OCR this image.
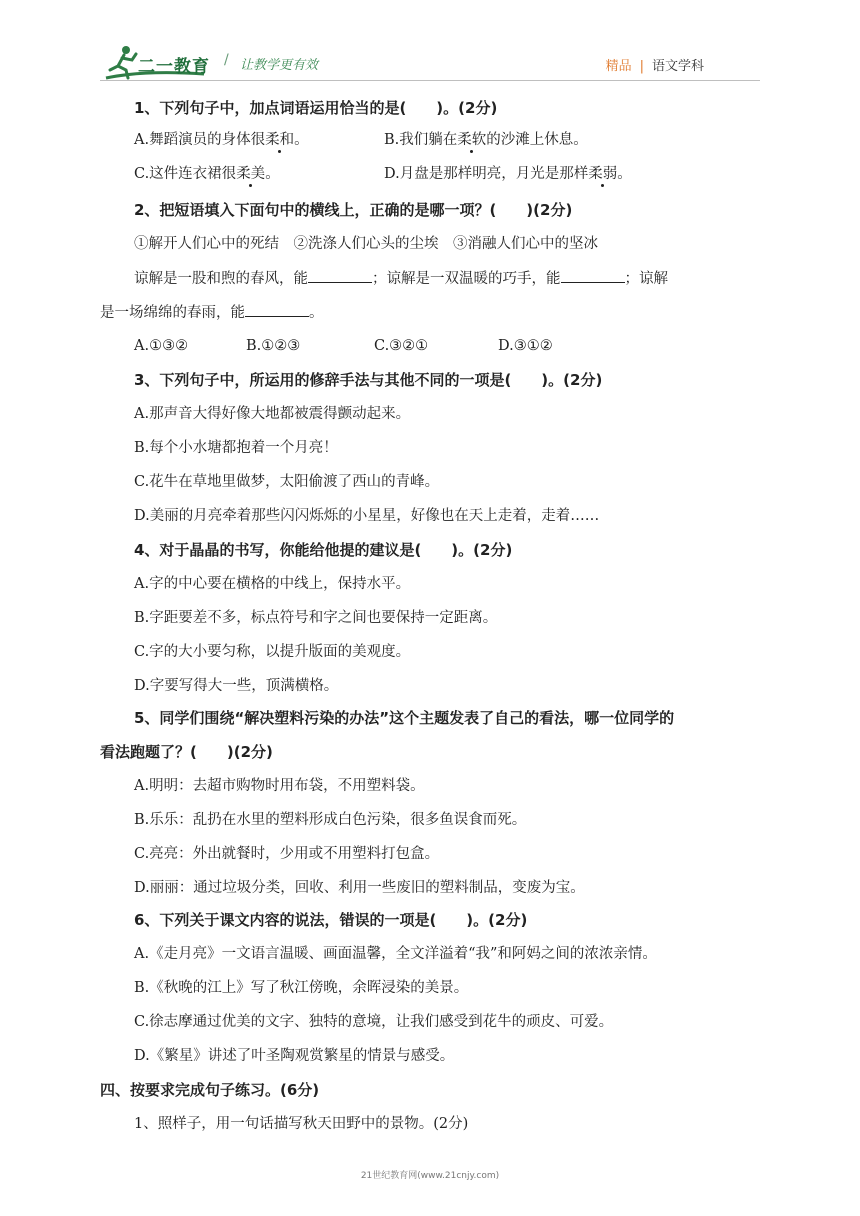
二一教育 / 让教学更有效	精品 | 语文学科
1、下列句子中，加点词语运用恰当的是(　　)。(2分)
A.舞蹈演员的身体很柔和。	B.我们躺在柔软的沙滩上休息。
C.这件连衣裙很柔美。	D.月盘是那样明亮，月光是那样柔弱。
2、把短语填入下面句中的横线上，正确的是哪一项？(　　)(2分)
①解开人们心中的死结　②洗涤人们心头的尘埃　③消融人们心中的坚冰
谅解是一股和煦的春风，能	；谅解是一双温暖的巧手，能	；谅解
是一场绵绵的春雨，能	。
A.①③②	B.①②③	C.③②①	D.③①②
3、下列句子中，所运用的修辞手法与其他不同的一项是(　　)。(2分)
A.那声音大得好像大地都被震得颤动起来。
B.每个小水塘都抱着一个月亮！
C.花牛在草地里做梦，太阳偷渡了西山的青峰。
D.美丽的月亮牵着那些闪闪烁烁的小星星，好像也在天上走着，走着……
4、对于晶晶的书写，你能给他提的建议是(　　)。(2分)
A.字的中心要在横格的中线上，保持水平。
B.字距要差不多，标点符号和字之间也要保持一定距离。
C.字的大小要匀称，以提升版面的美观度。
D.字要写得大一些，顶满横格。
5、同学们围绕“解决塑料污染的办法”这个主题发表了自己的看法，哪一位同学的
看法跑题了？(　　)(2分)
A.明明：去超市购物时用布袋，不用塑料袋。
B.乐乐：乱扔在水里的塑料形成白色污染，很多鱼误食而死。
C.亮亮：外出就餐时，少用或不用塑料打包盒。
D.丽丽：通过垃圾分类，回收、利用一些废旧的塑料制品，变废为宝。
6、下列关于课文内容的说法，错误的一项是(　　)。(2分)
A.《走月亮》一文语言温暖、画面温馨，全文洋溢着“我”和阿妈之间的浓浓亲情。
B.《秋晚的江上》写了秋江傍晚，余晖浸染的美景。
C.徐志摩通过优美的文字、独特的意境，让我们感受到花牛的顽皮、可爱。
D.《繁星》讲述了叶圣陶观赏繁星的情景与感受。
四、按要求完成句子练习。(6分)
1、照样子，用一句话描写秋天田野中的景物。(2分)
21世纪教育网(www.21cnjy.com)
